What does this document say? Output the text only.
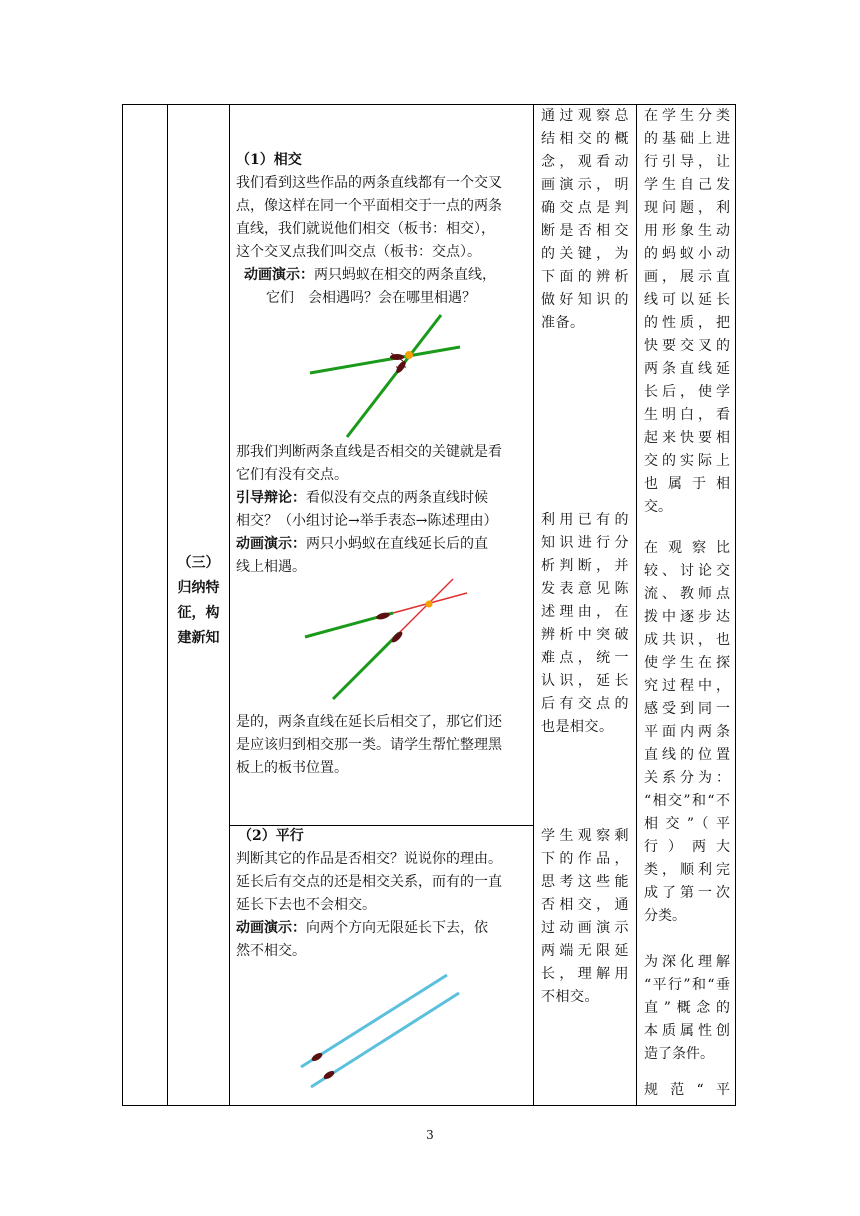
（三）
归纳特
征，构
建新知
（1）相交
我们看到这些作品的两条直线都有一个交叉
点，像这样在同一个平面相交于一点的两条
直线，我们就说他们相交（板书：相交），
这个交叉点我们叫交点（板书：交点）。
动画演示：两只蚂蚁在相交的两条直线，
它们　会相遇吗？会在哪里相遇？
那我们判断两条直线是否相交的关键就是看
它们有没有交点。
引导辩论：看似没有交点的两条直线时候
相交？（小组讨论→举手表态→陈述理由）
动画演示：两只小蚂蚁在直线延长后的直
线上相遇。
是的，两条直线在延长后相交了，那它们还
是应该归到相交那一类。请学生帮忙整理黑
板上的板书位置。
（2）平行
判断其它的作品是否相交？说说你的理由。
延长后有交点的还是相交关系，而有的一直
延长下去也不会相交。
动画演示：向两个方向无限延长下去，依
然不相交。

通过观察总

结相交的概

念，观看动

画演示，明

确交点是判

断是否相交

的关键，为

下面的辨析

做好知识的

准备。

利用已有的

知识进行分

析判断，并

发表意见陈

述理由，在

辨析中突破

难点，统一

认识，延长

后有交点的

也是相交。

学生观察剩

下的作品，

思考这些能

否相交，通

过动画演示

两端无限延

长，理解用

不相交。

在学生分类

的基础上进

行引导，让

学生自己发

现问题，利

用形象生动

的蚂蚁小动

画，展示直

线可以延长

的性质，把

快要交叉的

两条直线延

长后，使学

生明白，看

起来快要相

交的实际上

也属于相

交。

在观察比

较、讨论交

流、教师点

拨中逐步达

成共识，也

使学生在探

究过程中，

感受到同一

平面内两条

直线的位置

关系分为：

“相交”和“不

相交”（平

行）两大

类，顺利完

成了第一次

分类。

为深化理解

“平行”和“垂

直”概念的

本质属性创

造了条件。

规范“平

3
